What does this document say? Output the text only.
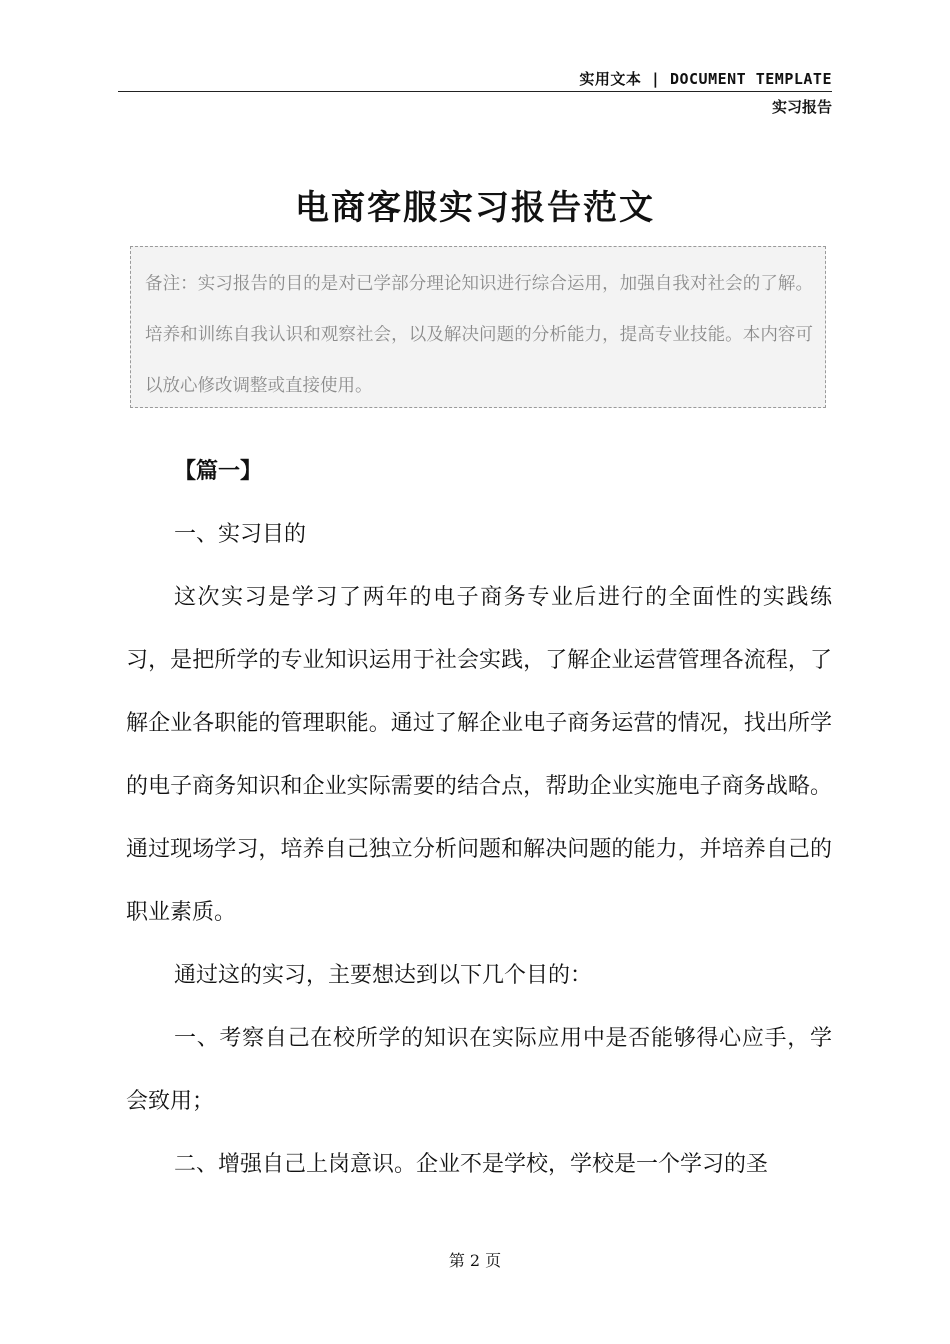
实用文本 | DOCUMENT TEMPLATE
实习报告
电商客服实习报告范文
备注：实习报告的目的是对已学部分理论知识进行综合运用，加强自我对社会的了解。培养和训练自我认识和观察社会，以及解决问题的分析能力，提高专业技能。本内容可以放心修改调整或直接使用。

【篇一】

一、实习目的

这次实习是学习了两年的电子商务专业后进行的全面性的实践练习，是把所学的专业知识运用于社会实践，了解企业运营管理各流程，了解企业各职能的管理职能。通过了解企业电子商务运营的情况，找出所学的电子商务知识和企业实际需要的结合点，帮助企业实施电子商务战略。通过现场学习，培养自己独立分析问题和解决问题的能力，并培养自己的职业素质。

通过这的实习，主要想达到以下几个目的：

一、考察自己在校所学的知识在实际应用中是否能够得心应手，学会致用；

二、增强自己上岗意识。企业不是学校，学校是一个学习的圣

第 2 页
